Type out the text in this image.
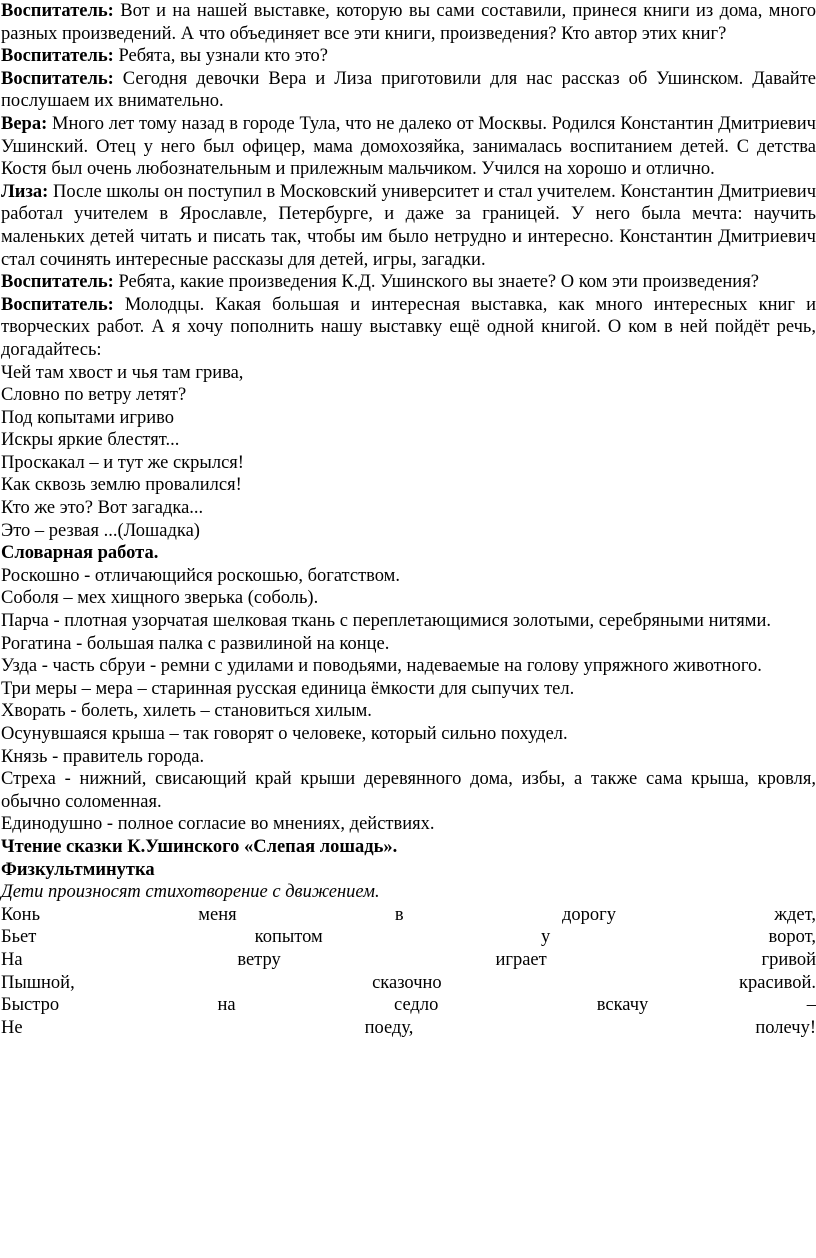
Воспитатель: Вот и на нашей выставке, которую вы сами составили, принеся книги из дома, много разных произведений. А что объединяет все эти книги, произведения? Кто автор этих книг?
Воспитатель: Ребята, вы узнали кто это?
Воспитатель: Сегодня девочки Вера и Лиза приготовили для нас рассказ об Ушинском. Давайте послушаем их внимательно.
Вера: Много лет тому назад в городе Тула, что не далеко от Москвы. Родился Константин Дмитриевич Ушинский. Отец у него был офицер, мама домохозяйка, занималась воспитанием детей. С детства Костя был очень любознательным и прилежным мальчиком. Учился на хорошо и отлично.
Лиза: После школы он поступил в Московский университет и стал учителем. Константин Дмитриевич работал учителем в Ярославле, Петербурге, и даже за границей. У него была мечта: научить маленьких детей читать и писать так, чтобы им было нетрудно и интересно. Константин Дмитриевич стал сочинять интересные рассказы для детей, игры, загадки.
Воспитатель: Ребята, какие произведения К.Д. Ушинского вы знаете? О ком эти произведения?
Воспитатель: Молодцы. Какая большая и интересная выставка, как много интересных книг и творческих работ. А я хочу пополнить нашу выставку ещё одной книгой. О ком в ней пойдёт речь, догадайтесь:
Чей там хвост и чья там грива,
Словно по ветру летят?
Под копытами игриво
Искры яркие блестят...
Проскакал – и тут же скрылся!
Как сквозь землю провалился!
Кто же это? Вот загадка...
Это – резвая ...(Лошадка)
Словарная работа.
Роскошно - отличающийся роскошью, богатством.
Соболя – мех хищного зверька (соболь).
Парча - плотная узорчатая шелковая ткань с переплетающимися золотыми, серебряными нитями.
Рогатина - большая палка с развилиной на конце.
Узда - часть сбруи - ремни с удилами и поводьями, надеваемые на голову упряжного животного.
Три меры – мера – старинная русская единица ёмкости для сыпучих тел.
Хворать - болеть, хилеть – становиться хилым.
Осунувшаяся крыша – так говорят о человеке, который сильно похудел.
Князь - правитель города.
Стреха - нижний, свисающий край крыши деревянного дома, избы, а также сама крыша, кровля, обычно соломенная.
Единодушно - полное согласие во мнениях, действиях.
Чтение сказки К.Ушинского «Слепая лошадь».
Физкультминутка
Дети произносят стихотворение с движением.
Конь	меня	в	дорогу	ждет,
Бьет	копытом	у	ворот,
На	ветру	играет	гривой
Пышной,	сказочно	красивой.
Быстро	на	седло	вскачу	–
Не	поеду,	полечу!
